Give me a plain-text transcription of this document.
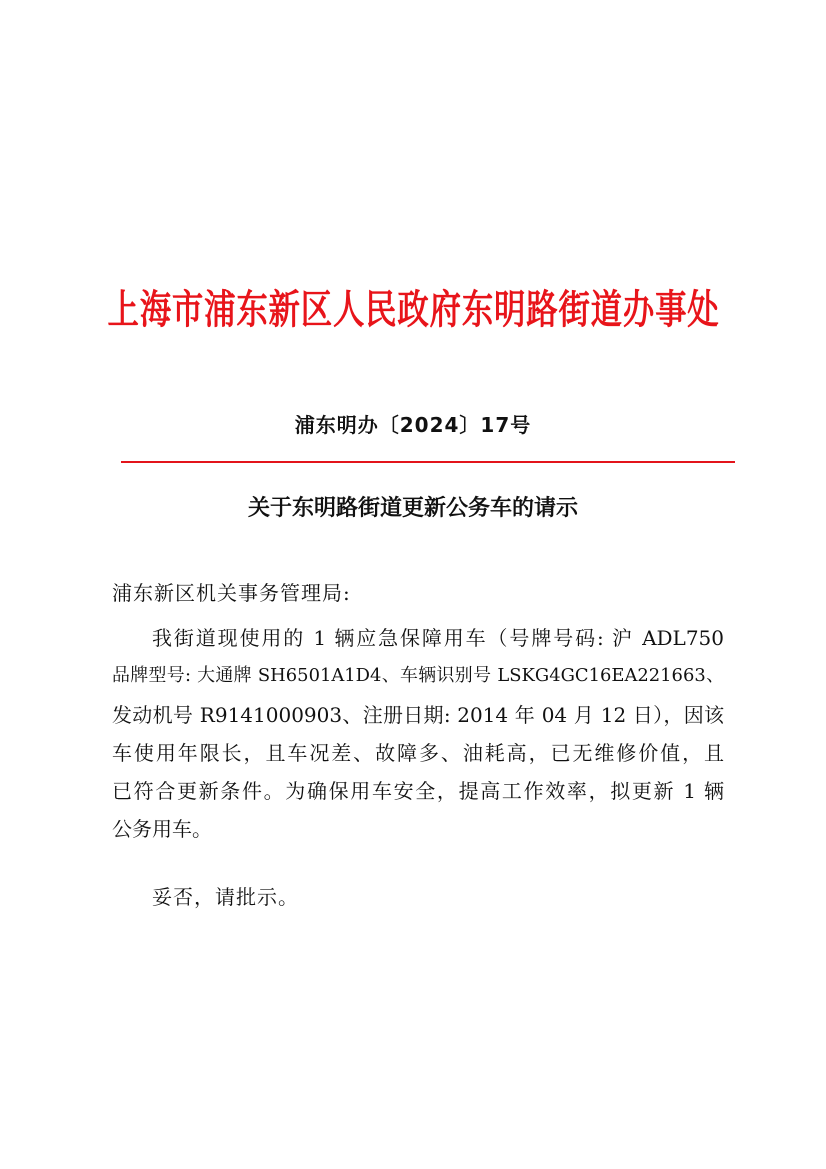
上海市浦东新区人民政府东明路街道办事处
浦东明办〔2024〕17号
关于东明路街道更新公务车的请示
浦东新区机关事务管理局:
我街道现使用的 1 辆应急保障用车（号牌号码: 沪 ADL750
品牌型号: 大通牌 SH6501A1D4、车辆识别号 LSKG4GC16EA221663、
发动机号 R9141000903、注册日期: 2014 年 04 月 12 日），因该
车使用年限长，且车况差、故障多、油耗高，已无维修价值，且
已符合更新条件。为确保用车安全，提高工作效率，拟更新 1 辆
公务用车。
妥否，请批示。
